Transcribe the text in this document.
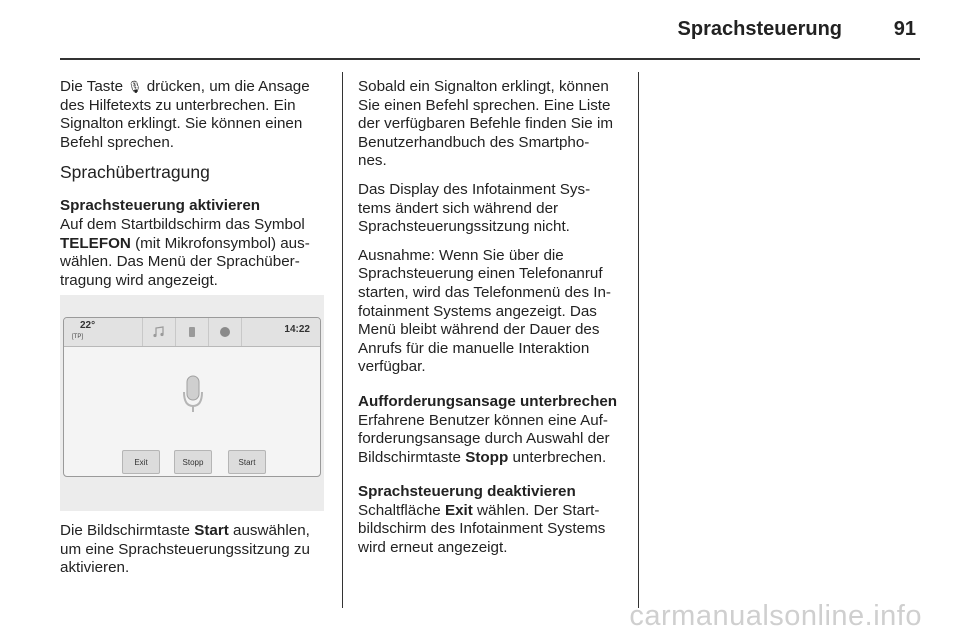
Sprachsteuerung	91

Die Taste 🎙 drücken, um die Ansage
des Hilfetexts zu unterbrechen. Ein
Signalton erklingt. Sie können einen
Befehl sprechen.

Sprachübertragung

Sprachsteuerung aktivieren
Auf dem Startbildschirm das Symbol
TELEFON (mit Mikrofonsymbol) aus-
wählen. Das Menü der Sprachüber-
tragung wird angezeigt.

22°
[TP]
14:22
Exit	Stopp	Start

Die Bildschirmtaste Start auswählen,
um eine Sprachsteuerungssitzung zu
aktivieren.

Sobald ein Signalton erklingt, können
Sie einen Befehl sprechen. Eine Liste
der verfügbaren Befehle finden Sie im
Benutzerhandbuch des Smartpho-
nes.

Das Display des Infotainment Sys-
tems ändert sich während der
Sprachsteuerungssitzung nicht.

Ausnahme: Wenn Sie über die
Sprachsteuerung einen Telefonanruf
starten, wird das Telefonmenü des In-
fotainment Systems angezeigt. Das
Menü bleibt während der Dauer des
Anrufs für die manuelle Interaktion
verfügbar.

Aufforderungsansage unterbrechen
Erfahrene Benutzer können eine Auf-
forderungsansage durch Auswahl der
Bildschirmtaste Stopp unterbrechen.

Sprachsteuerung deaktivieren
Schaltfläche Exit wählen. Der Start-
bildschirm des Infotainment Systems
wird erneut angezeigt.

carmanualsonline.info
